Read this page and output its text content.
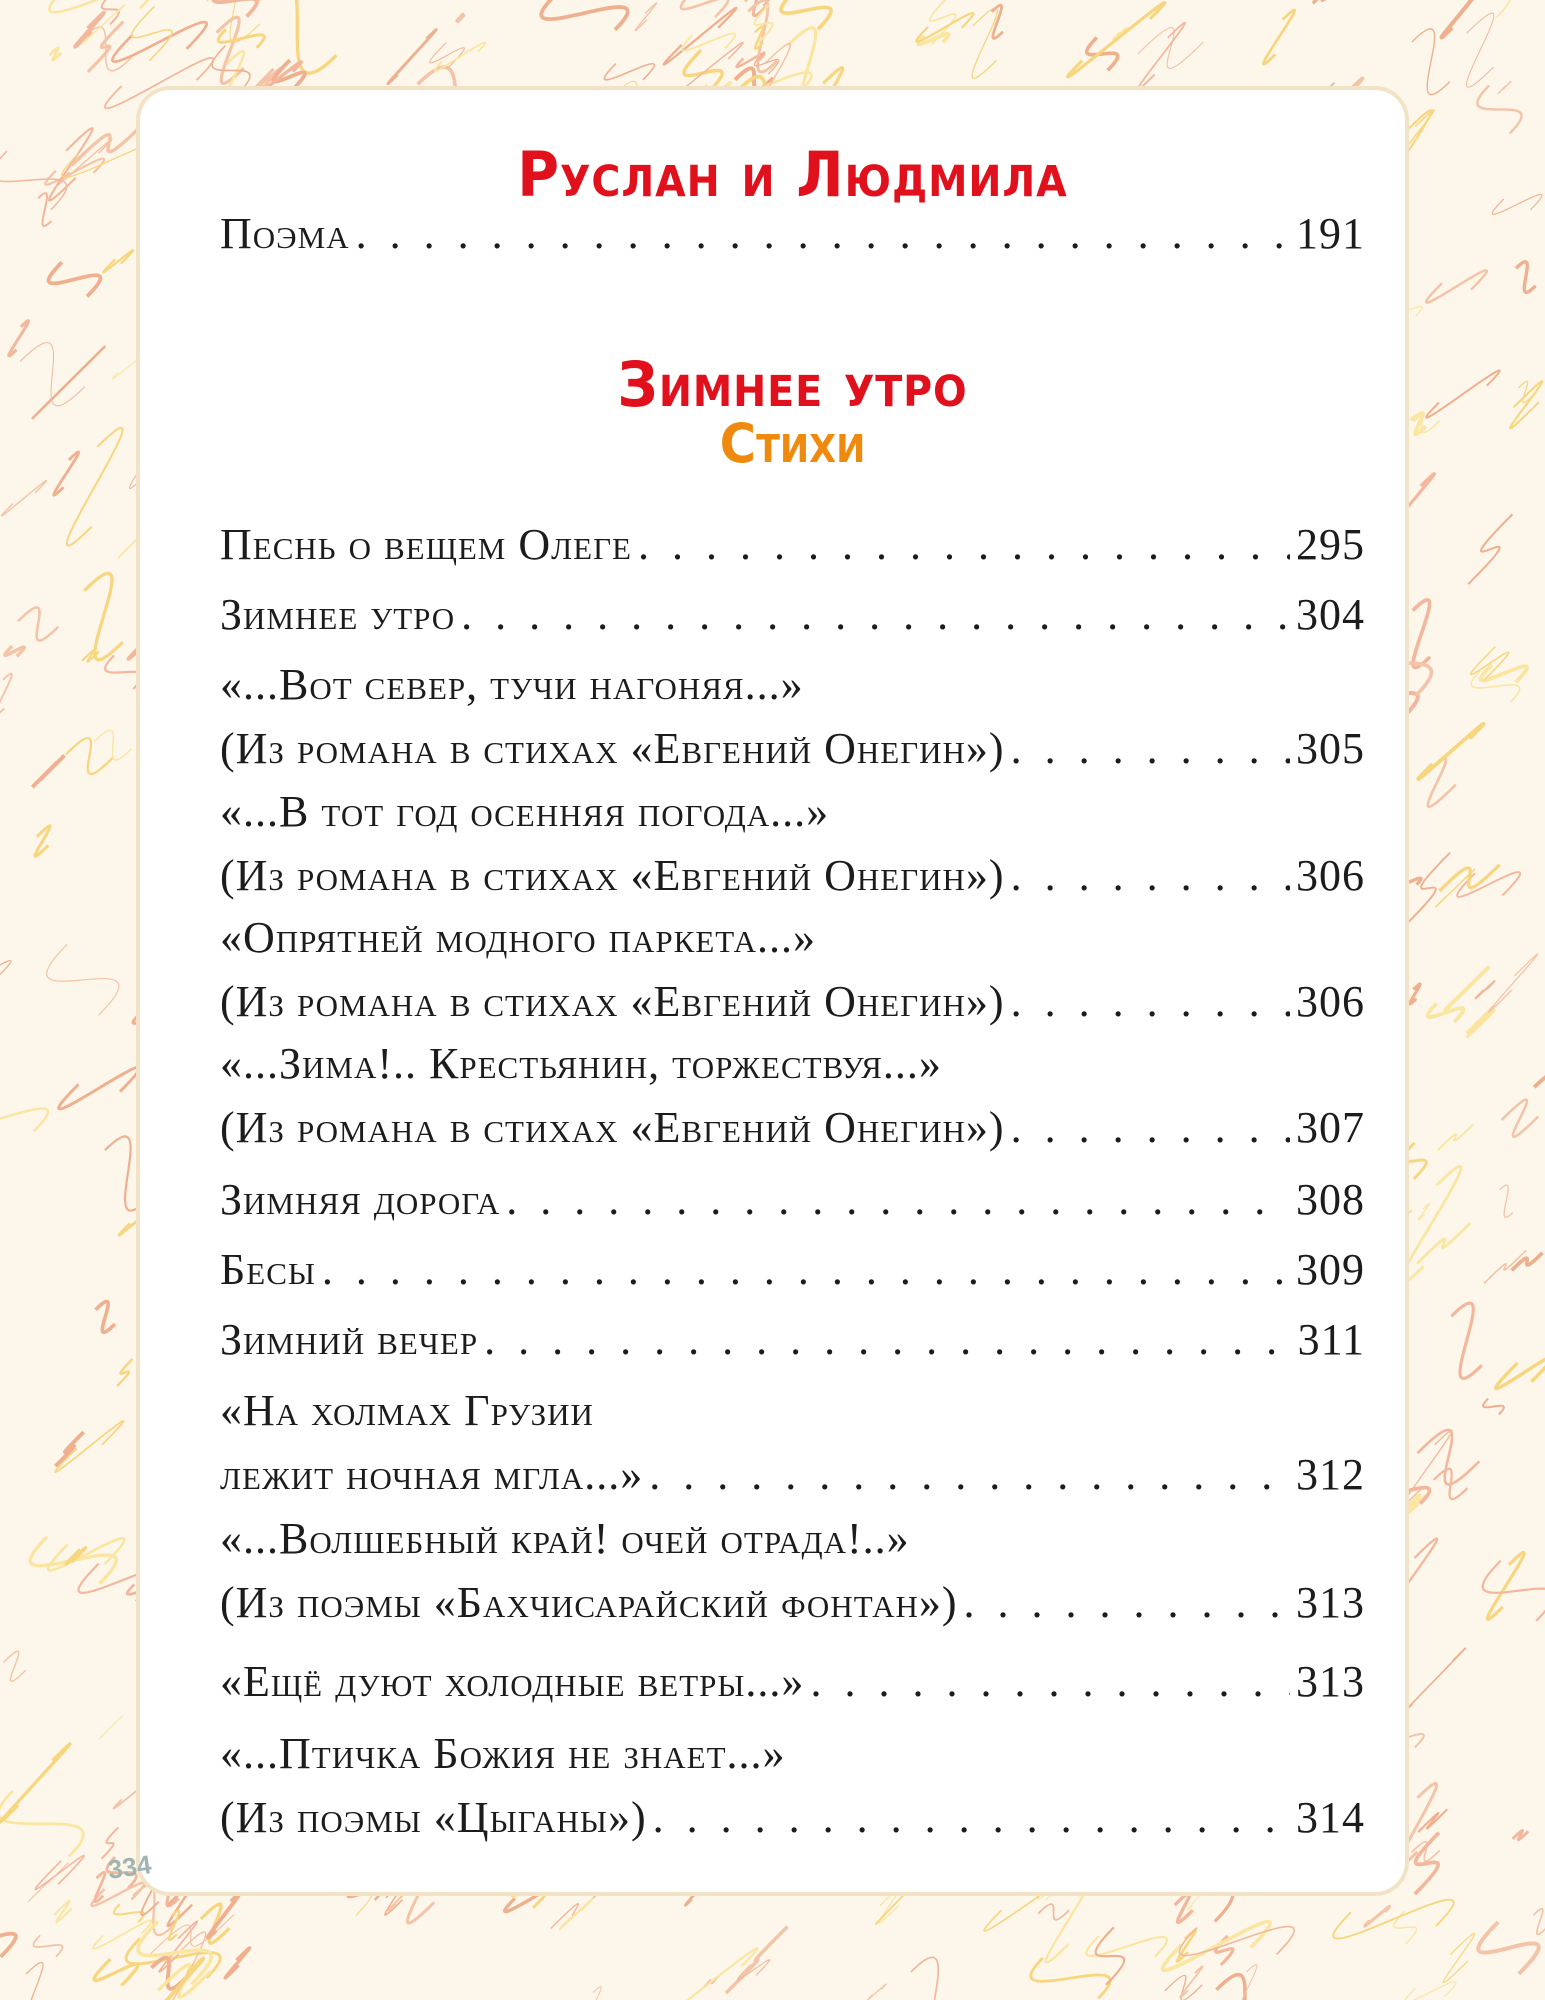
Руслан и Людмила
Поэма . . .	191
Зимнее утро
Стихи
Песнь о вещем Олеге . . .	295
Зимнее утро . . .	304
«...Вот север, тучи нагоняя...»
(Из романа в стихах «Евгений Онегин») . . .	305
«...В тот год осенняя погода...»
(Из романа в стихах «Евгений Онегин») . . .	306
«Опрятней модного паркета...»
(Из романа в стихах «Евгений Онегин») . . .	306
«...Зима!.. Крестьянин, торжествуя...»
(Из романа в стихах «Евгений Онегин») . . .	307
Зимняя дорога . . .	308
Бесы . . .	309
Зимний вечер . . .	311
«На холмах Грузии
лежит ночная мгла...» . . .	312
«...Волшебный край! очей отрада!..»
(Из поэмы «Бахчисарайский фонтан») . . .	313
«Ещё дуют холодные ветры...» . . .	313
«...Птичка Божия не знает...»
(Из поэмы «Цыганы») . . .	314
334
